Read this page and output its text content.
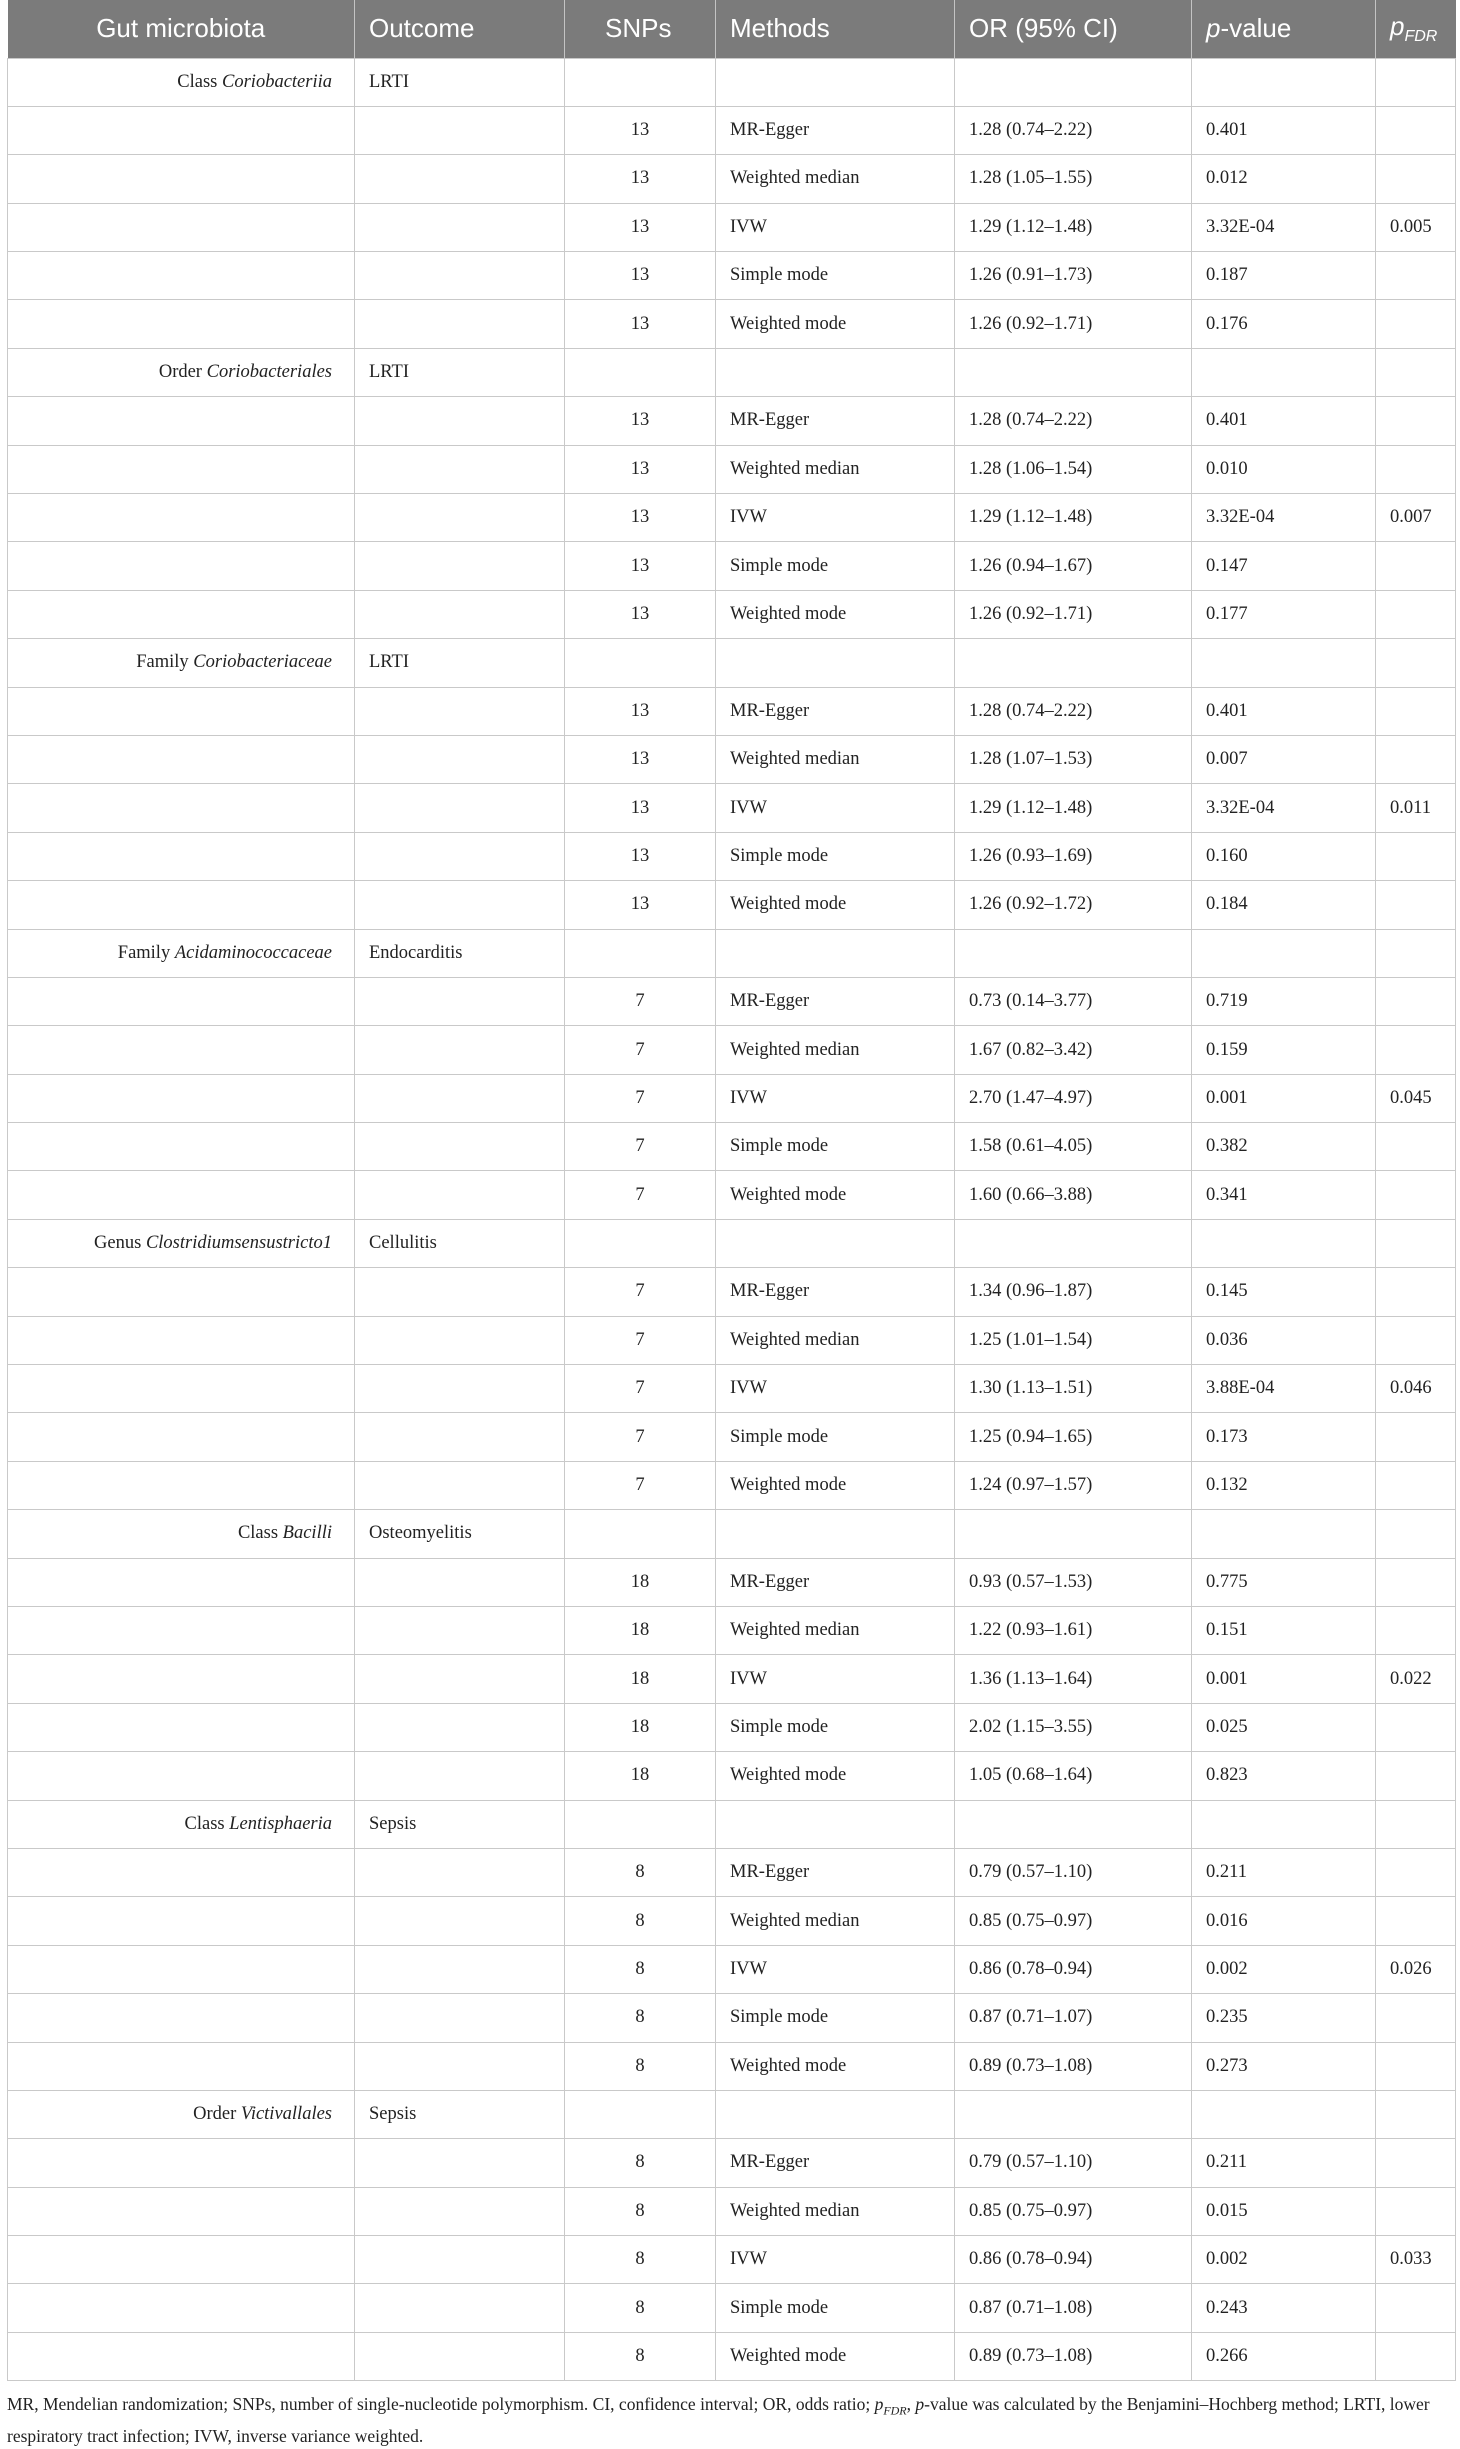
Gut microbiota	Outcome	SNPs	Methods	OR (95% CI)	p-value	$p_{FDR}$
Class Coriobacteriia	LRTI					
		13	MR-Egger	1.28 (0.74–2.22)	0.401	
		13	Weighted median	1.28 (1.05–1.55)	0.012	
		13	IVW	1.29 (1.12–1.48)	3.32E-04	0.005
		13	Simple mode	1.26 (0.91–1.73)	0.187	
		13	Weighted mode	1.26 (0.92–1.71)	0.176	
Order Coriobacteriales	LRTI					
		13	MR-Egger	1.28 (0.74–2.22)	0.401	
		13	Weighted median	1.28 (1.06–1.54)	0.010	
		13	IVW	1.29 (1.12–1.48)	3.32E-04	0.007
		13	Simple mode	1.26 (0.94–1.67)	0.147	
		13	Weighted mode	1.26 (0.92–1.71)	0.177	
Family Coriobacteriaceae	LRTI					
		13	MR-Egger	1.28 (0.74–2.22)	0.401	
		13	Weighted median	1.28 (1.07–1.53)	0.007	
		13	IVW	1.29 (1.12–1.48)	3.32E-04	0.011
		13	Simple mode	1.26 (0.93–1.69)	0.160	
		13	Weighted mode	1.26 (0.92–1.72)	0.184	
Family Acidaminococcaceae	Endocarditis					
		7	MR-Egger	0.73 (0.14–3.77)	0.719	
		7	Weighted median	1.67 (0.82–3.42)	0.159	
		7	IVW	2.70 (1.47–4.97)	0.001	0.045
		7	Simple mode	1.58 (0.61–4.05)	0.382	
		7	Weighted mode	1.60 (0.66–3.88)	0.341	
Genus Clostridiumsensustricto1	Cellulitis					
		7	MR-Egger	1.34 (0.96–1.87)	0.145	
		7	Weighted median	1.25 (1.01–1.54)	0.036	
		7	IVW	1.30 (1.13–1.51)	3.88E-04	0.046
		7	Simple mode	1.25 (0.94–1.65)	0.173	
		7	Weighted mode	1.24 (0.97–1.57)	0.132	
Class Bacilli	Osteomyelitis					
		18	MR-Egger	0.93 (0.57–1.53)	0.775	
		18	Weighted median	1.22 (0.93–1.61)	0.151	
		18	IVW	1.36 (1.13–1.64)	0.001	0.022
		18	Simple mode	2.02 (1.15–3.55)	0.025	
		18	Weighted mode	1.05 (0.68–1.64)	0.823	
Class Lentisphaeria	Sepsis					
		8	MR-Egger	0.79 (0.57–1.10)	0.211	
		8	Weighted median	0.85 (0.75–0.97)	0.016	
		8	IVW	0.86 (0.78–0.94)	0.002	0.026
		8	Simple mode	0.87 (0.71–1.07)	0.235	
		8	Weighted mode	0.89 (0.73–1.08)	0.273	
Order Victivallales	Sepsis					
		8	MR-Egger	0.79 (0.57–1.10)	0.211	
		8	Weighted median	0.85 (0.75–0.97)	0.015	
		8	IVW	0.86 (0.78–0.94)	0.002	0.033
		8	Simple mode	0.87 (0.71–1.08)	0.243	
		8	Weighted mode	0.89 (0.73–1.08)	0.266	
MR, Mendelian randomization; SNPs, number of single-nucleotide polymorphism. CI, confidence interval; OR, odds ratio; $p_{FDR}$, p-value was calculated by the Benjamini–Hochberg method; LRTI, lower respiratory tract infection; IVW, inverse variance weighted.
